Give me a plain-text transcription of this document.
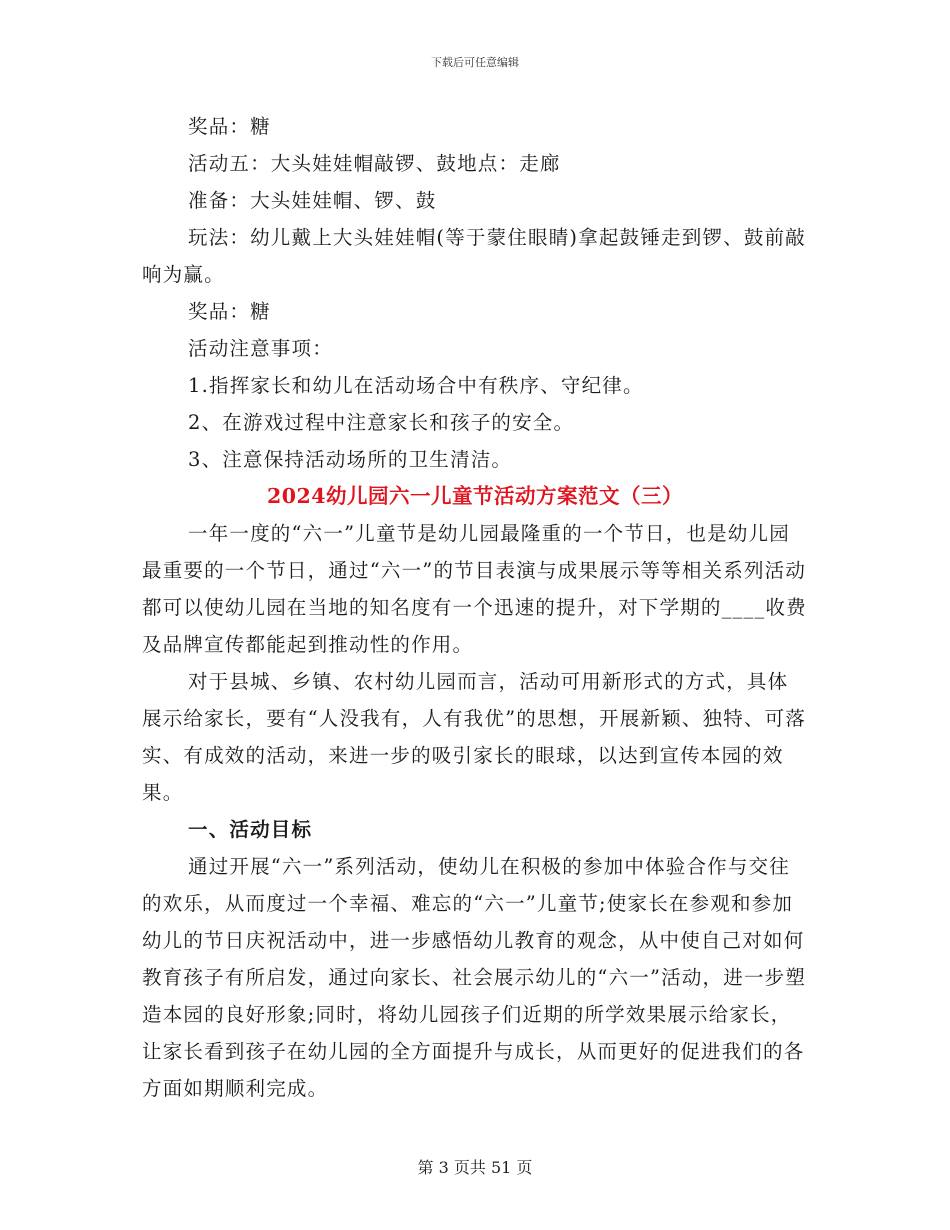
下载后可任意编辑

奖品：糖

活动五：大头娃娃帽敲锣、鼓地点：走廊

准备：大头娃娃帽、锣、鼓

玩法：幼儿戴上大头娃娃帽(等于蒙住眼睛)拿起鼓锤走到锣、鼓前敲响为赢。

奖品：糖

活动注意事项：

1.指挥家长和幼儿在活动场合中有秩序、守纪律。

2、在游戏过程中注意家长和孩子的安全。

3、注意保持活动场所的卫生清洁。

2024幼儿园六一儿童节活动方案范文（三）

一年一度的“六一”儿童节是幼儿园最隆重的一个节日，也是幼儿园最重要的一个节日，通过“六一”的节目表演与成果展示等等相关系列活动都可以使幼儿园在当地的知名度有一个迅速的提升，对下学期的____收费及品牌宣传都能起到推动性的作用。

对于县城、乡镇、农村幼儿园而言，活动可用新形式的方式，具体展示给家长，要有“人没我有，人有我优”的思想，开展新颖、独特、可落实、有成效的活动，来进一步的吸引家长的眼球，以达到宣传本园的效果。

一、活动目标

通过开展“六一”系列活动，使幼儿在积极的参加中体验合作与交往的欢乐，从而度过一个幸福、难忘的“六一”儿童节;使家长在参观和参加幼儿的节日庆祝活动中，进一步感悟幼儿教育的观念，从中使自己对如何教育孩子有所启发，通过向家长、社会展示幼儿的“六一”活动，进一步塑造本园的良好形象;同时，将幼儿园孩子们近期的所学效果展示给家长，让家长看到孩子在幼儿园的全方面提升与成长，从而更好的促进我们的各方面如期顺利完成。

第 3 页共 51 页
